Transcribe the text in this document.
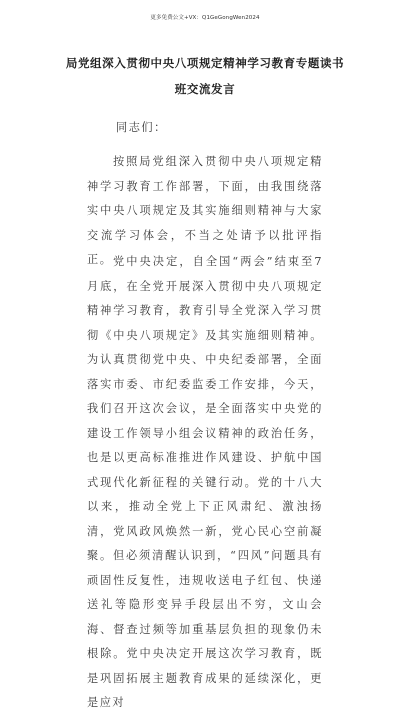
更多免费公文+VX：Q1GeGongWen2024
局党组深入贯彻中央八项规定精神学习教育专题读书班交流发言
同志们：

按照局党组深入贯彻中央八项规定精神学习教育工作部署，下面，由我围绕落实中央八项规定及其实施细则精神与大家交流学习体会，不当之处请予以批评指正。 党中央决定，自全国“两会”结束至7月底，在全党开展深入贯彻中央八项规定精神学习教育，教育引导全党深入学习贯彻《中央八项规定》及其实施细则精神。为认真贯彻党中央、中央纪委部署，全面落实市委、市纪委监委工作安排，今天，我们召开这次会议，是全面落实中央党的建设工作领导小组会议精神的政治任务，也是以更高标准推进作风建设、护航中国式现代化新征程的关键行动。党的十八大以来，推动全党上下正风肃纪、激浊扬清，党风政风焕然一新，党心民心空前凝聚。但必须清醒认识到，“四风”问题具有顽固性反复性，违规收送电子红包、快递送礼等隐形变异手段层出不穷，文山会海、督查过频等加重基层负担的现象仍未根除。党中央决定开展这次学习教育，既是巩固拓展主题教育成果的延续深化，更是应对
